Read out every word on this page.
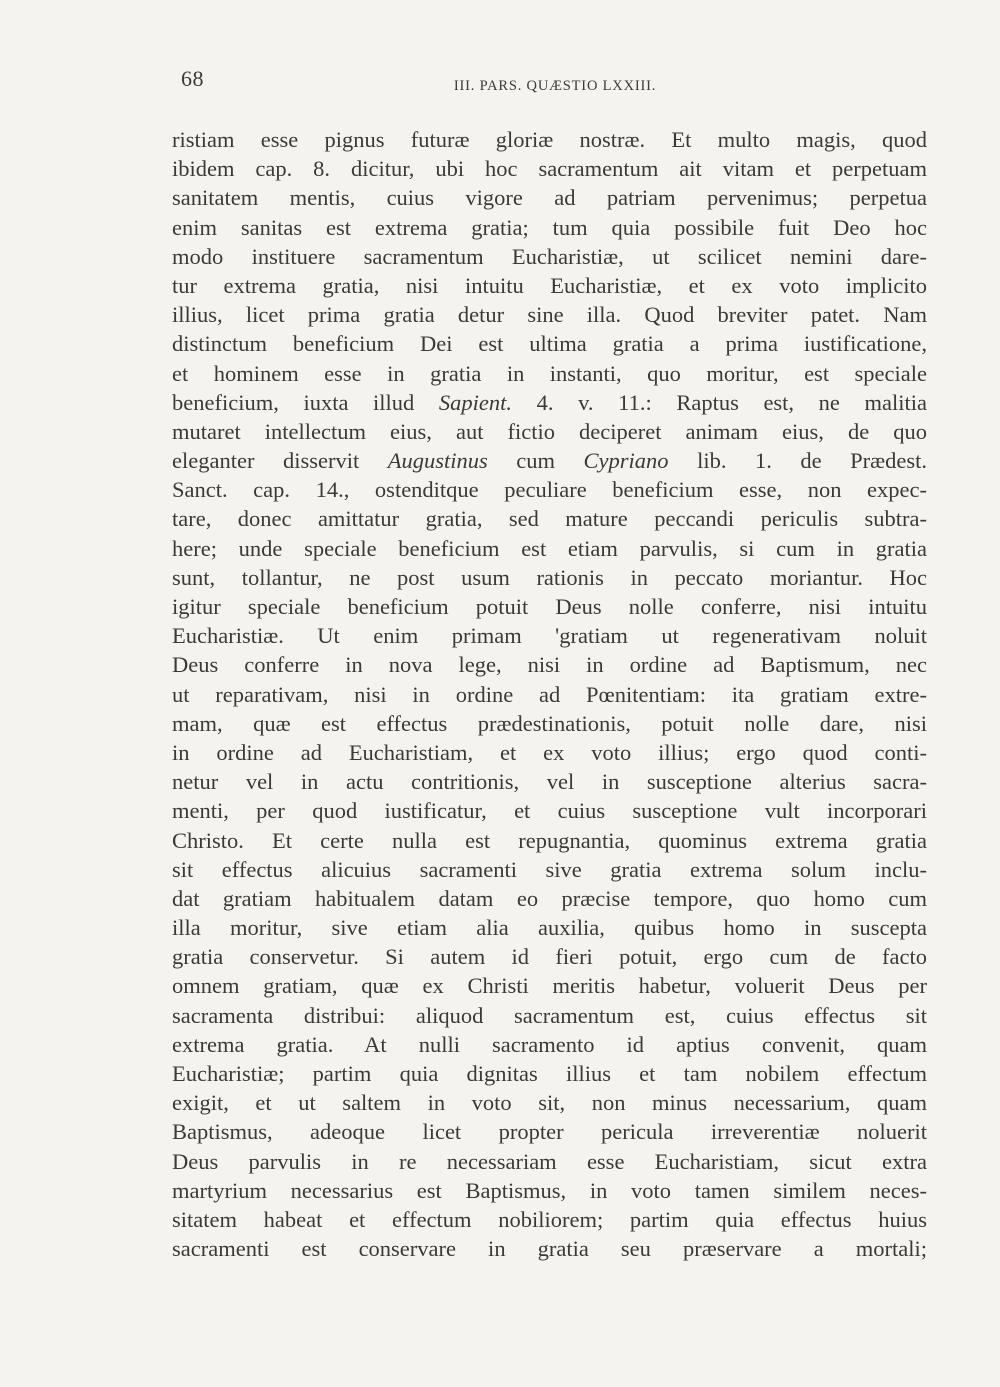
68	III. PARS. QUÆSTIO LXXIII.
ristiam esse pignus futuræ gloriæ nostræ. Et multo magis, quod
ibidem cap. 8. dicitur, ubi hoc sacramentum ait vitam et perpetuam
sanitatem mentis, cuius vigore ad patriam pervenimus; perpetua
enim sanitas est extrema gratia; tum quia possibile fuit Deo hoc
modo instituere sacramentum Eucharistiæ, ut scilicet nemini dare-
tur extrema gratia, nisi intuitu Eucharistiæ, et ex voto implicito
illius, licet prima gratia detur sine illa. Quod breviter patet. Nam
distinctum beneficium Dei est ultima gratia a prima iustificatione,
et hominem esse in gratia in instanti, quo moritur, est speciale
beneficium, iuxta illud Sapient. 4. v. 11.: Raptus est, ne malitia
mutaret intellectum eius, aut fictio deciperet animam eius, de quo
eleganter disservit Augustinus cum Cypriano lib. 1. de Prædest.
Sanct. cap. 14., ostenditque peculiare beneficium esse, non expec-
tare, donec amittatur gratia, sed mature peccandi periculis subtra-
here; unde speciale beneficium est etiam parvulis, si cum in gratia
sunt, tollantur, ne post usum rationis in peccato moriantur. Hoc
igitur speciale beneficium potuit Deus nolle conferre, nisi intuitu
Eucharistiæ. Ut enim primam 'gratiam ut regenerativam noluit
Deus conferre in nova lege, nisi in ordine ad Baptismum, nec
ut reparativam, nisi in ordine ad Pœnitentiam: ita gratiam extre-
mam, quæ est effectus prædestinationis, potuit nolle dare, nisi
in ordine ad Eucharistiam, et ex voto illius; ergo quod conti-
netur vel in actu contritionis, vel in susceptione alterius sacra-
menti, per quod iustificatur, et cuius susceptione vult incorporari
Christo. Et certe nulla est repugnantia, quominus extrema gratia
sit effectus alicuius sacramenti sive gratia extrema solum inclu-
dat gratiam habitualem datam eo præcise tempore, quo homo cum
illa moritur, sive etiam alia auxilia, quibus homo in suscepta
gratia conservetur. Si autem id fieri potuit, ergo cum de facto
omnem gratiam, quæ ex Christi meritis habetur, voluerit Deus per
sacramenta distribui: aliquod sacramentum est, cuius effectus sit
extrema gratia. At nulli sacramento id aptius convenit, quam
Eucharistiæ; partim quia dignitas illius et tam nobilem effectum
exigit, et ut saltem in voto sit, non minus necessarium, quam
Baptismus, adeoque licet propter pericula irreverentiæ noluerit
Deus parvulis in re necessariam esse Eucharistiam, sicut extra
martyrium necessarius est Baptismus, in voto tamen similem neces-
sitatem habeat et effectum nobiliorem; partim quia effectus huius
sacramenti est conservare in gratia seu præservare a mortali;
